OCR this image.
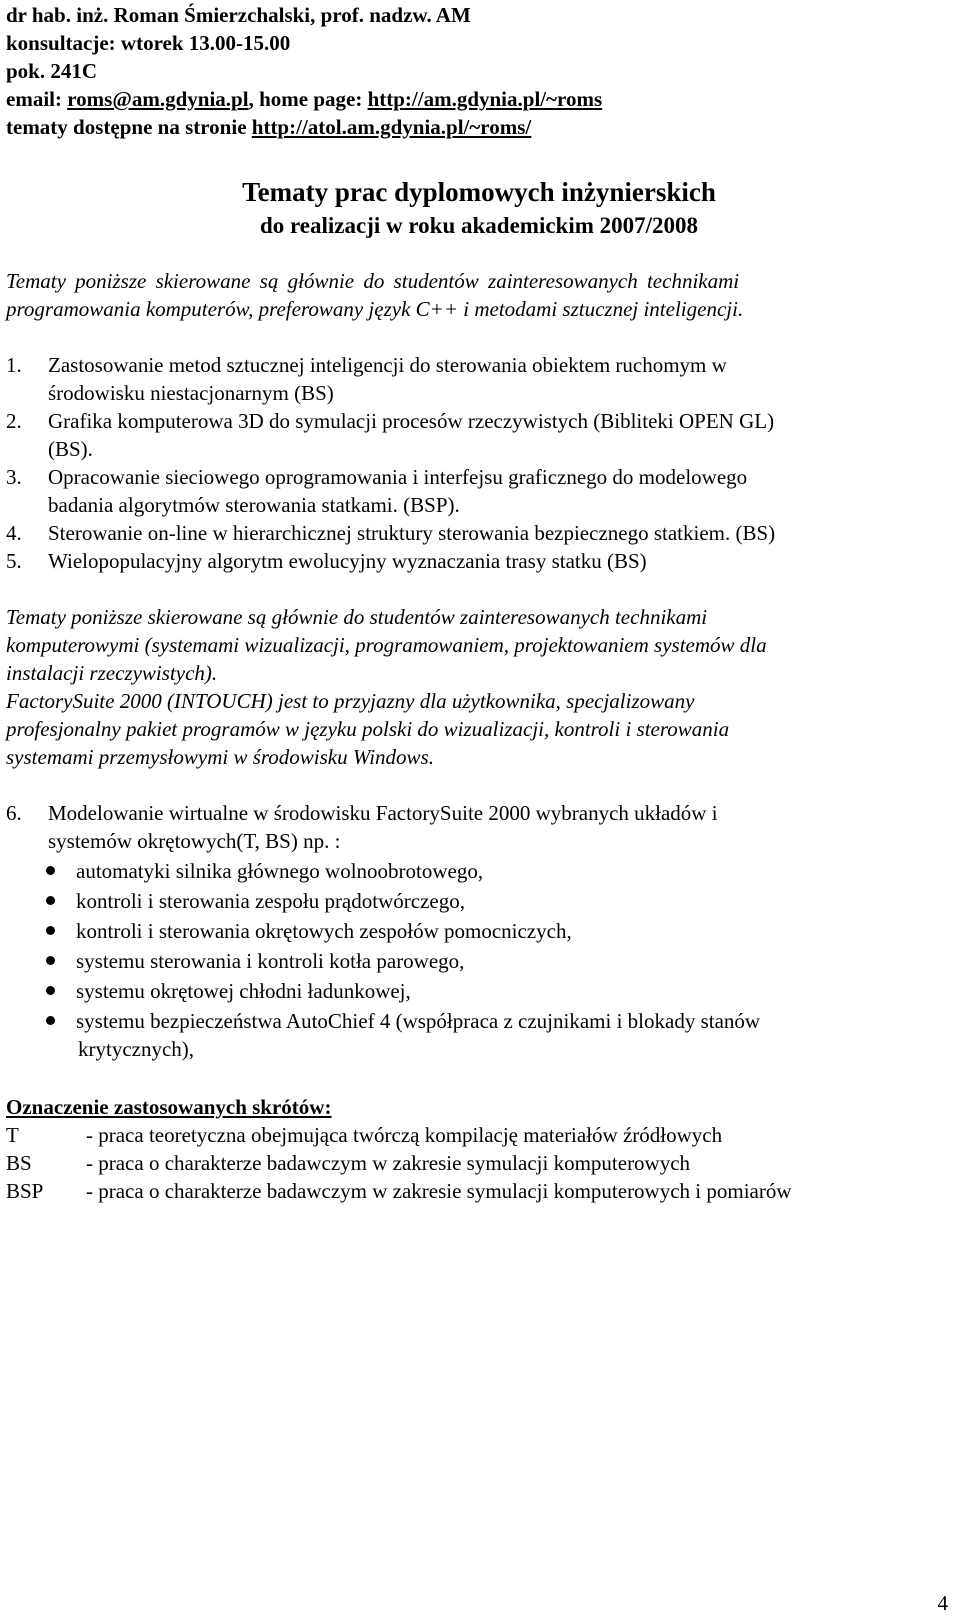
dr hab. inż. Roman Śmierzchalski, prof. nadzw. AM
konsultacje: wtorek 13.00-15.00
pok. 241C
email: roms@am.gdynia.pl, home page: http://am.gdynia.pl/~roms
tematy dostępne na stronie http://atol.am.gdynia.pl/~roms/
Tematy prac dyplomowych inżynierskich
do realizacji w roku akademickim 2007/2008
Tematy poniższe skierowane są głównie do studentów zainteresowanych technikami
programowania komputerów, preferowany język C++ i metodami sztucznej inteligencji.
1. Zastosowanie metod sztucznej inteligencji do sterowania obiektem ruchomym w
środowisku niestacjonarnym (BS)
2. Grafika komputerowa 3D do symulacji procesów rzeczywistych (Bibliteki OPEN GL)
(BS).
3. Opracowanie sieciowego oprogramowania i interfejsu graficznego do modelowego
badania algorytmów sterowania statkami. (BSP).
4. Sterowanie on-line w hierarchicznej struktury sterowania bezpiecznego statkiem. (BS)
5. Wielopopulacyjny algorytm ewolucyjny wyznaczania trasy statku (BS)
Tematy poniższe skierowane są głównie do studentów zainteresowanych technikami
komputerowymi (systemami wizualizacji, programowaniem, projektowaniem systemów dla
instalacji rzeczywistych).
FactorySuite 2000 (INTOUCH) jest to przyjazny dla użytkownika, specjalizowany
profesjonalny pakiet programów w języku polski do wizualizacji, kontroli i sterowania
systemami przemysłowymi w środowisku Windows.
6. Modelowanie wirtualne w środowisku FactorySuite 2000 wybranych układów i
systemów okrętowych(T, BS) np. :
automatyki silnika głównego wolnoobrotowego,
kontroli i sterowania zespołu prądotwórczego,
kontroli i sterowania okrętowych zespołów pomocniczych,
systemu sterowania i kontroli kotła parowego,
systemu okrętowej chłodni ładunkowej,
systemu bezpieczeństwa AutoChief 4 (współpraca z czujnikami i blokady stanów
krytycznych),
Oznaczenie zastosowanych skrótów:
T	- praca teoretyczna obejmująca twórczą kompilację materiałów źródłowych
BS	- praca o charakterze badawczym w zakresie symulacji komputerowych
BSP	- praca o charakterze badawczym w zakresie symulacji komputerowych i pomiarów
4
